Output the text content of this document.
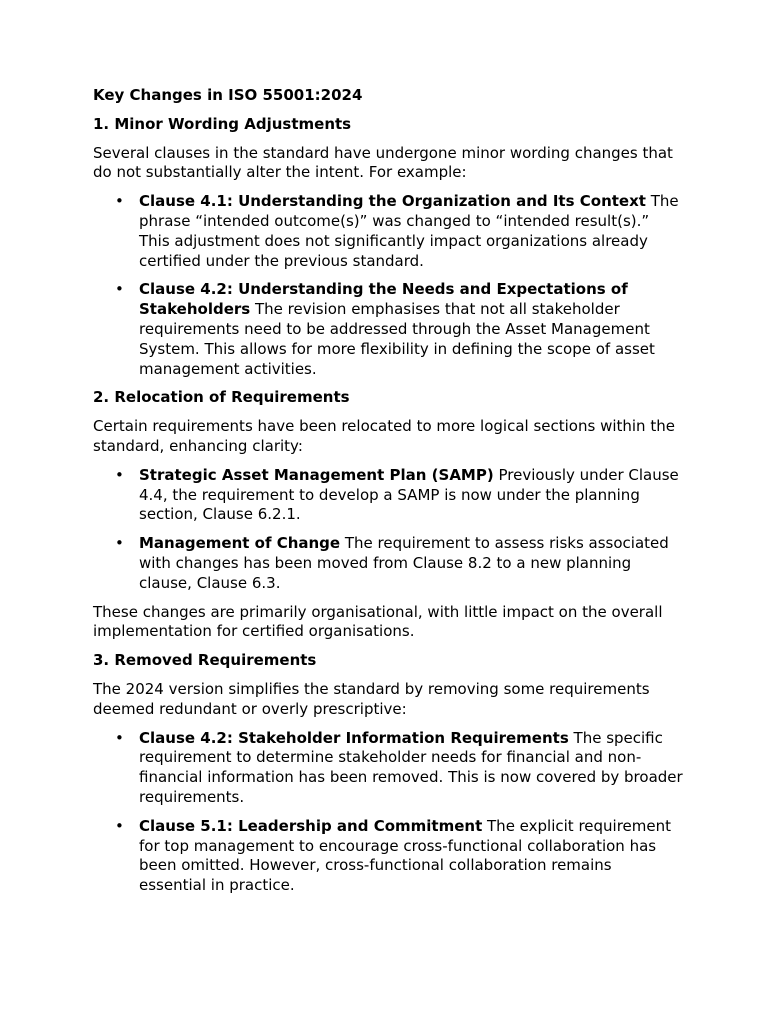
Key Changes in ISO 55001:2024
1. Minor Wording Adjustments
Several clauses in the standard have undergone minor wording changes that do not substantially alter the intent. For example:
• Clause 4.1: Understanding the Organization and Its Context The phrase “intended outcome(s)” was changed to “intended result(s).” This adjustment does not significantly impact organizations already certified under the previous standard.
• Clause 4.2: Understanding the Needs and Expectations of Stakeholders The revision emphasises that not all stakeholder requirements need to be addressed through the Asset Management System. This allows for more flexibility in defining the scope of asset management activities.
2. Relocation of Requirements
Certain requirements have been relocated to more logical sections within the standard, enhancing clarity:
• Strategic Asset Management Plan (SAMP) Previously under Clause 4.4, the requirement to develop a SAMP is now under the planning section, Clause 6.2.1.
• Management of Change The requirement to assess risks associated with changes has been moved from Clause 8.2 to a new planning clause, Clause 6.3.
These changes are primarily organisational, with little impact on the overall implementation for certified organisations.
3. Removed Requirements
The 2024 version simplifies the standard by removing some requirements deemed redundant or overly prescriptive:
• Clause 4.2: Stakeholder Information Requirements The specific requirement to determine stakeholder needs for financial and non-financial information has been removed. This is now covered by broader requirements.
• Clause 5.1: Leadership and Commitment The explicit requirement for top management to encourage cross-functional collaboration has been omitted. However, cross-functional collaboration remains essential in practice.
